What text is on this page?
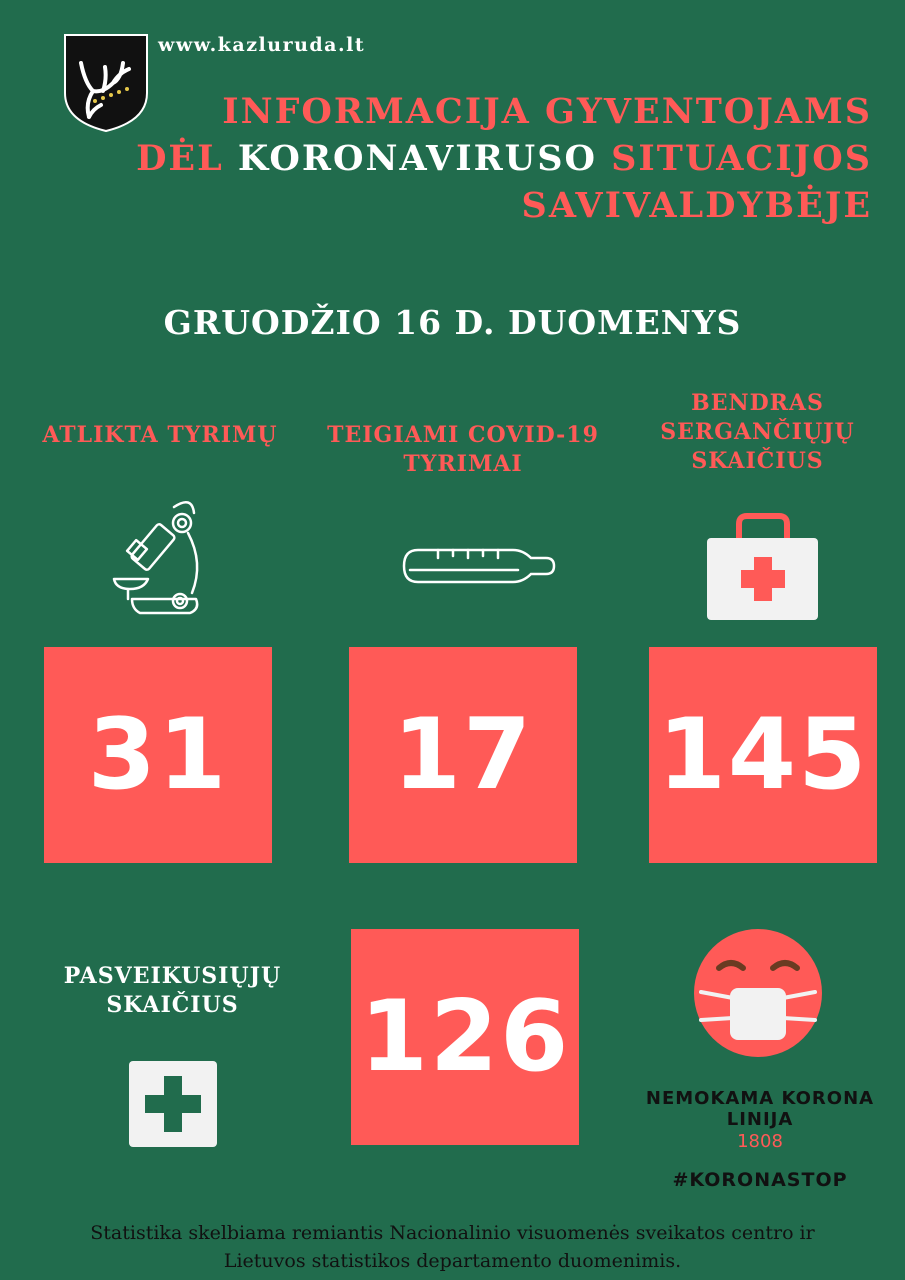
www.kazluruda.lt
INFORMACIJA GYVENTOJAMS
DĖL KORONAVIRUSO SITUACIJOS
SAVIVALDYBĖJE
GRUODŽIO 16 D. DUOMENYS
ATLIKTA TYRIMŲ	TEIGIAMI COVID-19
TYRIMAI
BENDRAS
SERGANČIŲJŲ
SKAIČIUS
31	17	145
PASVEIKUSIŲJŲ
SKAIČIUS	126
NEMOKAMA KORONA
LINIJA
1808
#KORONASTOP
Statistika skelbiama remiantis Nacionalinio visuomenės sveikatos centro ir
Lietuvos statistikos departamento duomenimis.
